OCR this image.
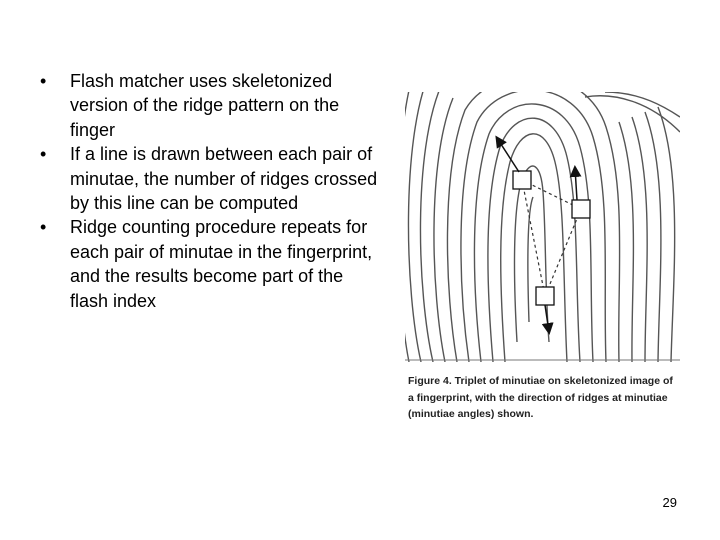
• Flash matcher uses skeletonized version of the ridge pattern on the finger
• If a line is drawn between each pair of minutae, the number of ridges crossed by this line can be computed
• Ridge counting procedure repeats for each pair of minutae in the fingerprint, and the results become part of the flash index
Figure 4. Triplet of minutiae on skeletonized image of a fingerprint, with the direction of ridges at minutiae (minutiae angles) shown.
29
